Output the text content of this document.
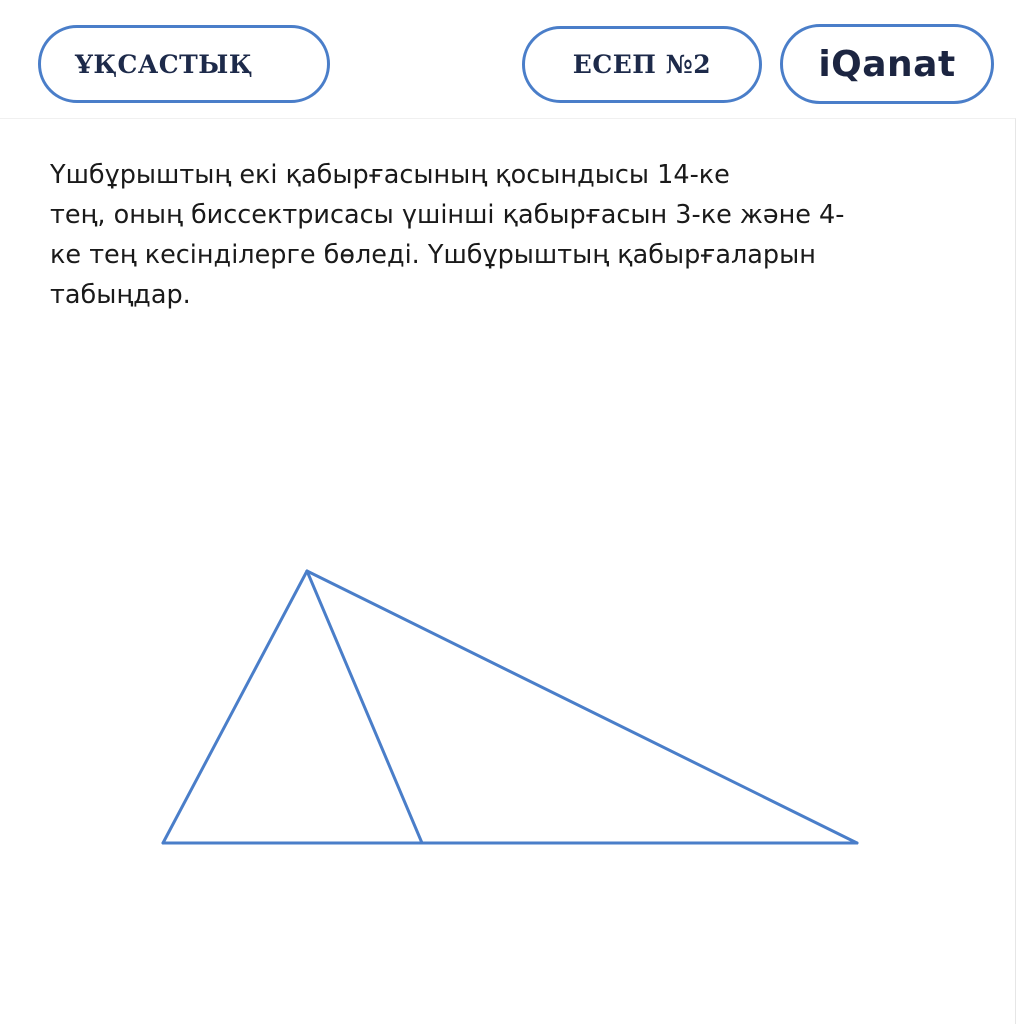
ҰҚСАСТЫҚ	ЕСЕП №2	iQanat

Үшбұрыштың екі қабырғасының қосындысы 14-ке
тең, оның биссектрисасы үшінші қабырғасын 3-ке және 4-
ке тең кесінділерге бөледі. Үшбұрыштың қабырғаларын
табыңдар.
